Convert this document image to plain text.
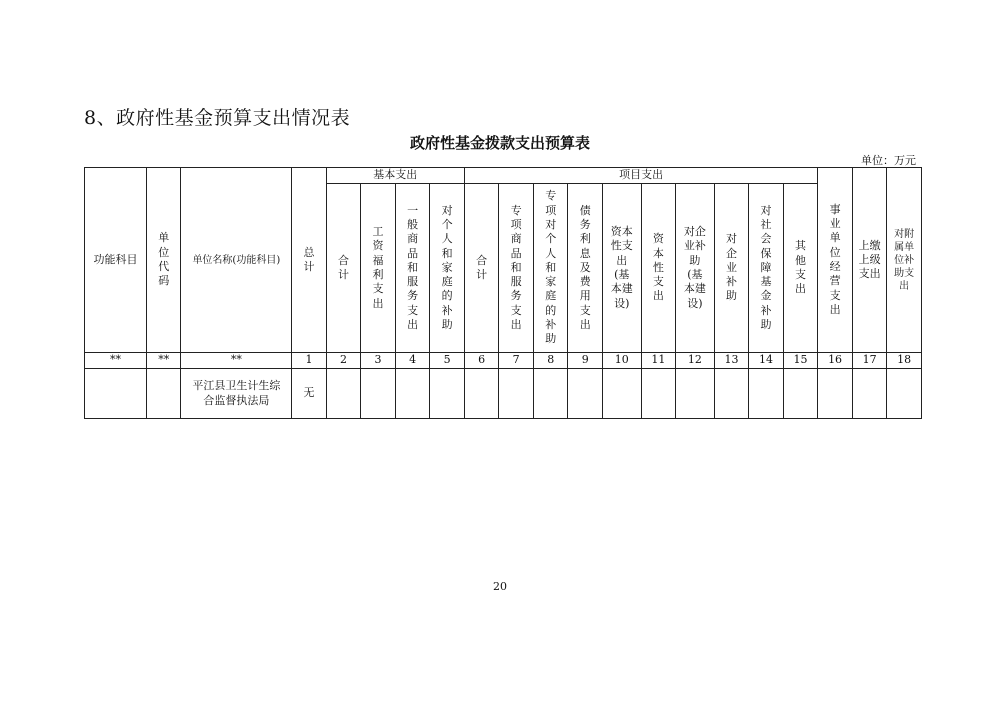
8、政府性基金预算支出情况表
政府性基金拨款支出预算表
单位：万元
功能科目	单位代码	单位名称(功能科目)	总计	基本支出				项目支出										事业单位经营支出	上缴上级支出	对附属单位补助支出
				合计	工资福利支出	一般商品和服务支出	对个人和家庭的补助	合计	专项商品和服务支出	专项对个人和家庭的补助	债务利息及费用支出	资本性支出(基本建设)	资本性支出	对企业补助(基本建设)	对企业补助	对社会保障基金补助	其他支出			
**	**	**	1	2	3	4	5	6	7	8	9	10	11	12	13	14	15	16	17	18
		平江县卫生计生综合监督执法局	无																	
20
